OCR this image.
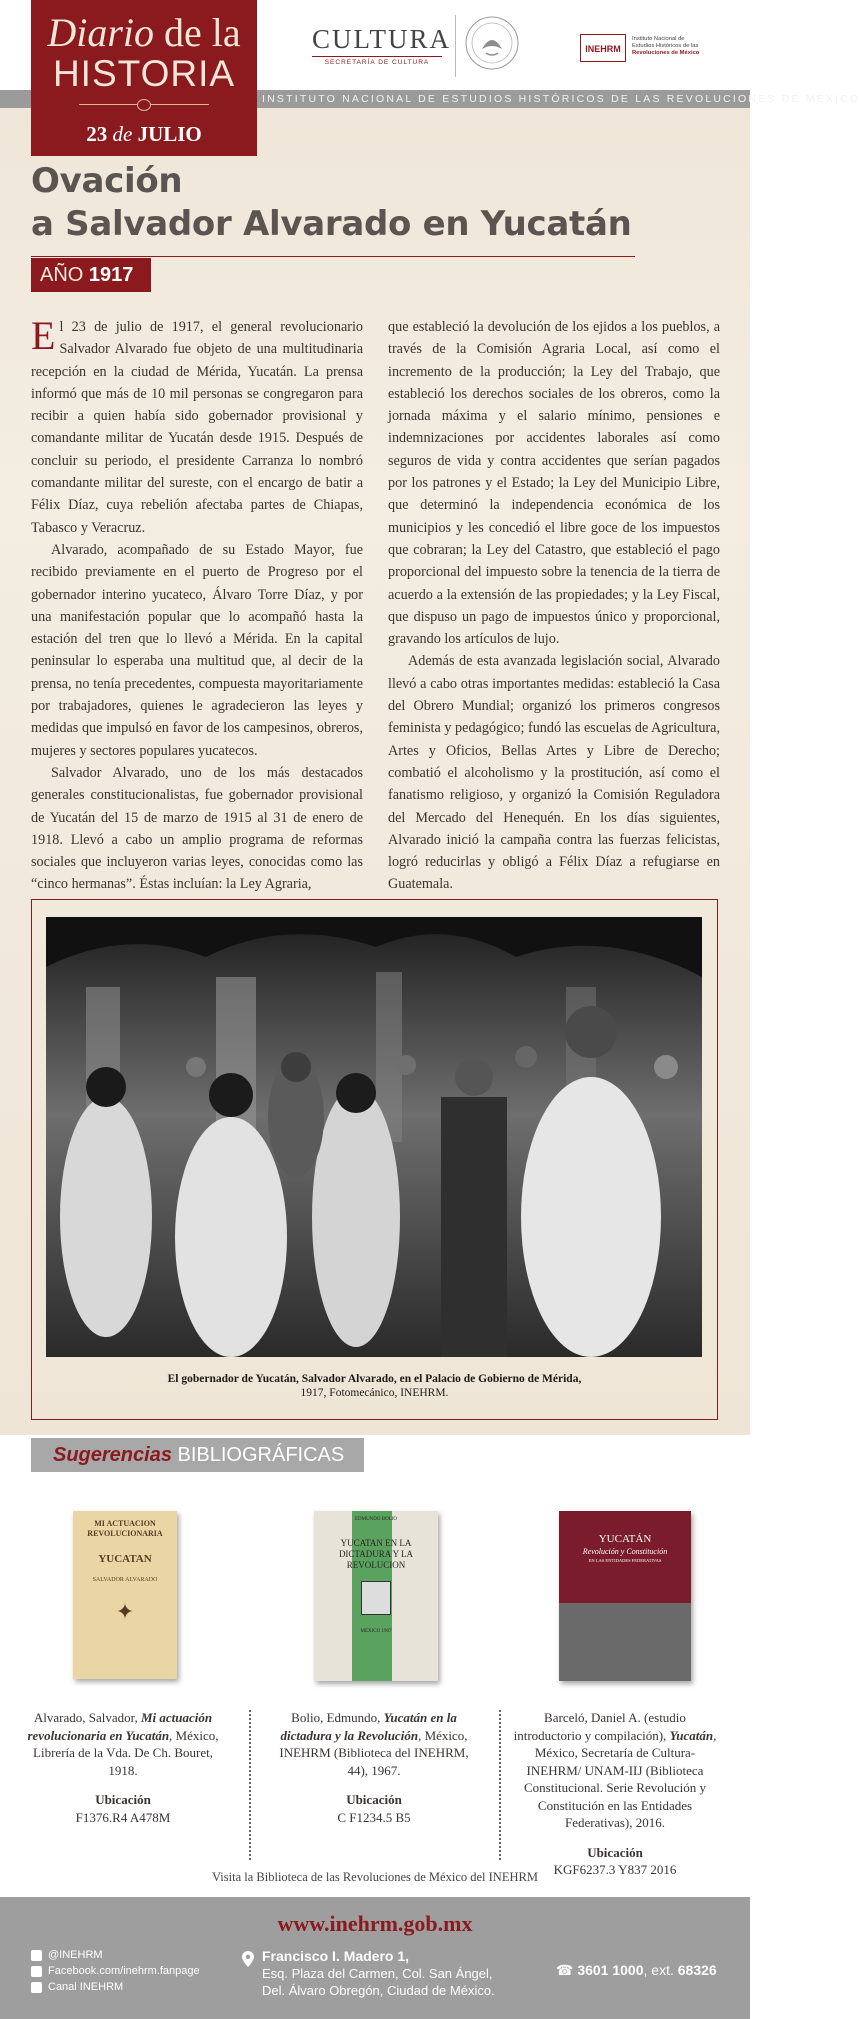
INSTITUTO NACIONAL DE ESTUDIOS HISTÓRICOS DE LAS REVOLUCIONES DE MÉXICO
Diario de la
HISTORIA
23 de JULIO
CULTURA
SECRETARÍA DE CULTURA
INEHRM
Instituto Nacional de
Estudios Históricos de las
Revoluciones de México
Ovación
a Salvador Alvarado en Yucatán
AÑO 1917

El 23 de julio de 1917, el general revolucionario Salvador Alvarado fue objeto de una multitudinaria recepción en la ciudad de Mérida, Yucatán. La prensa informó que más de 10 mil personas se congregaron para recibir a quien había sido gobernador provisional y comandante militar de Yucatán desde 1915. Después de concluir su periodo, el presidente Carranza lo nombró comandante militar del sureste, con el encargo de batir a Félix Díaz, cuya rebelión afectaba partes de Chiapas, Tabasco y Veracruz.

Alvarado, acompañado de su Estado Mayor, fue recibido previamente en el puerto de Progreso por el gobernador interino yucateco, Álvaro Torre Díaz, y por una manifestación popular que lo acompañó hasta la estación del tren que lo llevó a Mérida. En la capital peninsular lo esperaba una multitud que, al decir de la prensa, no tenía precedentes, compuesta mayoritariamente por trabajadores, quienes le agradecieron las leyes y medidas que impulsó en favor de los campesinos, obreros, mujeres y sectores populares yucatecos.

Salvador Alvarado, uno de los más destacados generales constitucionalistas, fue gobernador provisional de Yucatán del 15 de marzo de 1915 al 31 de enero de 1918. Llevó a cabo un amplio programa de reformas sociales que incluyeron varias leyes, conocidas como las “cinco hermanas”. Éstas incluían: la Ley Agraria,

que estableció la devolución de los ejidos a los pueblos, a través de la Comisión Agraria Local, así como el incremento de la producción; la Ley del Trabajo, que estableció los derechos sociales de los obreros, como la jornada máxima y el salario mínimo, pensiones e indemnizaciones por accidentes laborales así como seguros de vida y contra accidentes que serían pagados por los patrones y el Estado; la Ley del Municipio Libre, que determinó la independencia económica de los municipios y les concedió el libre goce de los impuestos que cobraran; la Ley del Catastro, que estableció el pago proporcional del impuesto sobre la tenencia de la tierra de acuerdo a la extensión de las propiedades; y la Ley Fiscal, que dispuso un pago de impuestos único y proporcional, gravando los artículos de lujo.

Además de esta avanzada legislación social, Alvarado llevó a cabo otras importantes medidas: estableció la Casa del Obrero Mundial; organizó los primeros congresos feminista y pedagógico; fundó las escuelas de Agricultura, Artes y Oficios, Bellas Artes y Libre de Derecho; combatió el alcoholismo y la prostitución, así como el fanatismo religioso, y organizó la Comisión Reguladora del Mercado del Henequén. En los días siguientes, Alvarado inició la campaña contra las fuerzas felicistas, logró reducirlas y obligó a Félix Díaz a refugiarse en Guatemala.

El gobernador de Yucatán, Salvador Alvarado, en el Palacio de Gobierno de Mérida,
1917, Fotomecánico, INEHRM.
Sugerencias BIBLIOGRÁFICAS
MI ACTUACION REVOLUCIONARIA
YUCATAN
SALVADOR ALVARADO
✦
EDMUNDO BOLIO
YUCATAN EN LA DICTADURA Y LA REVOLUCION
MEXICO 1967
YUCATÁN
Revolución y Constitución
EN LAS ENTIDADES FEDERATIVAS
Alvarado, Salvador, Mi actuación revolucionaria en Yucatán, México, Librería de la Vda. De Ch. Bouret, 1918.
Ubicación
F1376.R4 A478M
Bolio, Edmundo, Yucatán en la dictadura y la Revolución, México, INEHRM (Biblioteca del INEHRM, 44), 1967.
Ubicación
C F1234.5 B5
Barceló, Daniel A. (estudio introductorio y compilación), Yucatán, México, Secretaría de Cultura-INEHRM/ UNAM-IIJ (Biblioteca Constitucional. Serie Revolución y Constitución en las Entidades Federativas), 2016.
Ubicación
KGF6237.3 Y837 2016
Visita la Biblioteca de las Revoluciones de México del INEHRM
www.inehrm.gob.mx
@INEHRM
Facebook.com/inehrm.fanpage
Canal INEHRM
Francisco I. Madero 1,
Esq. Plaza del Carmen, Col. San Ángel,
Del. Álvaro Obregón, Ciudad de México.
☎ 3601 1000, ext. 68326
